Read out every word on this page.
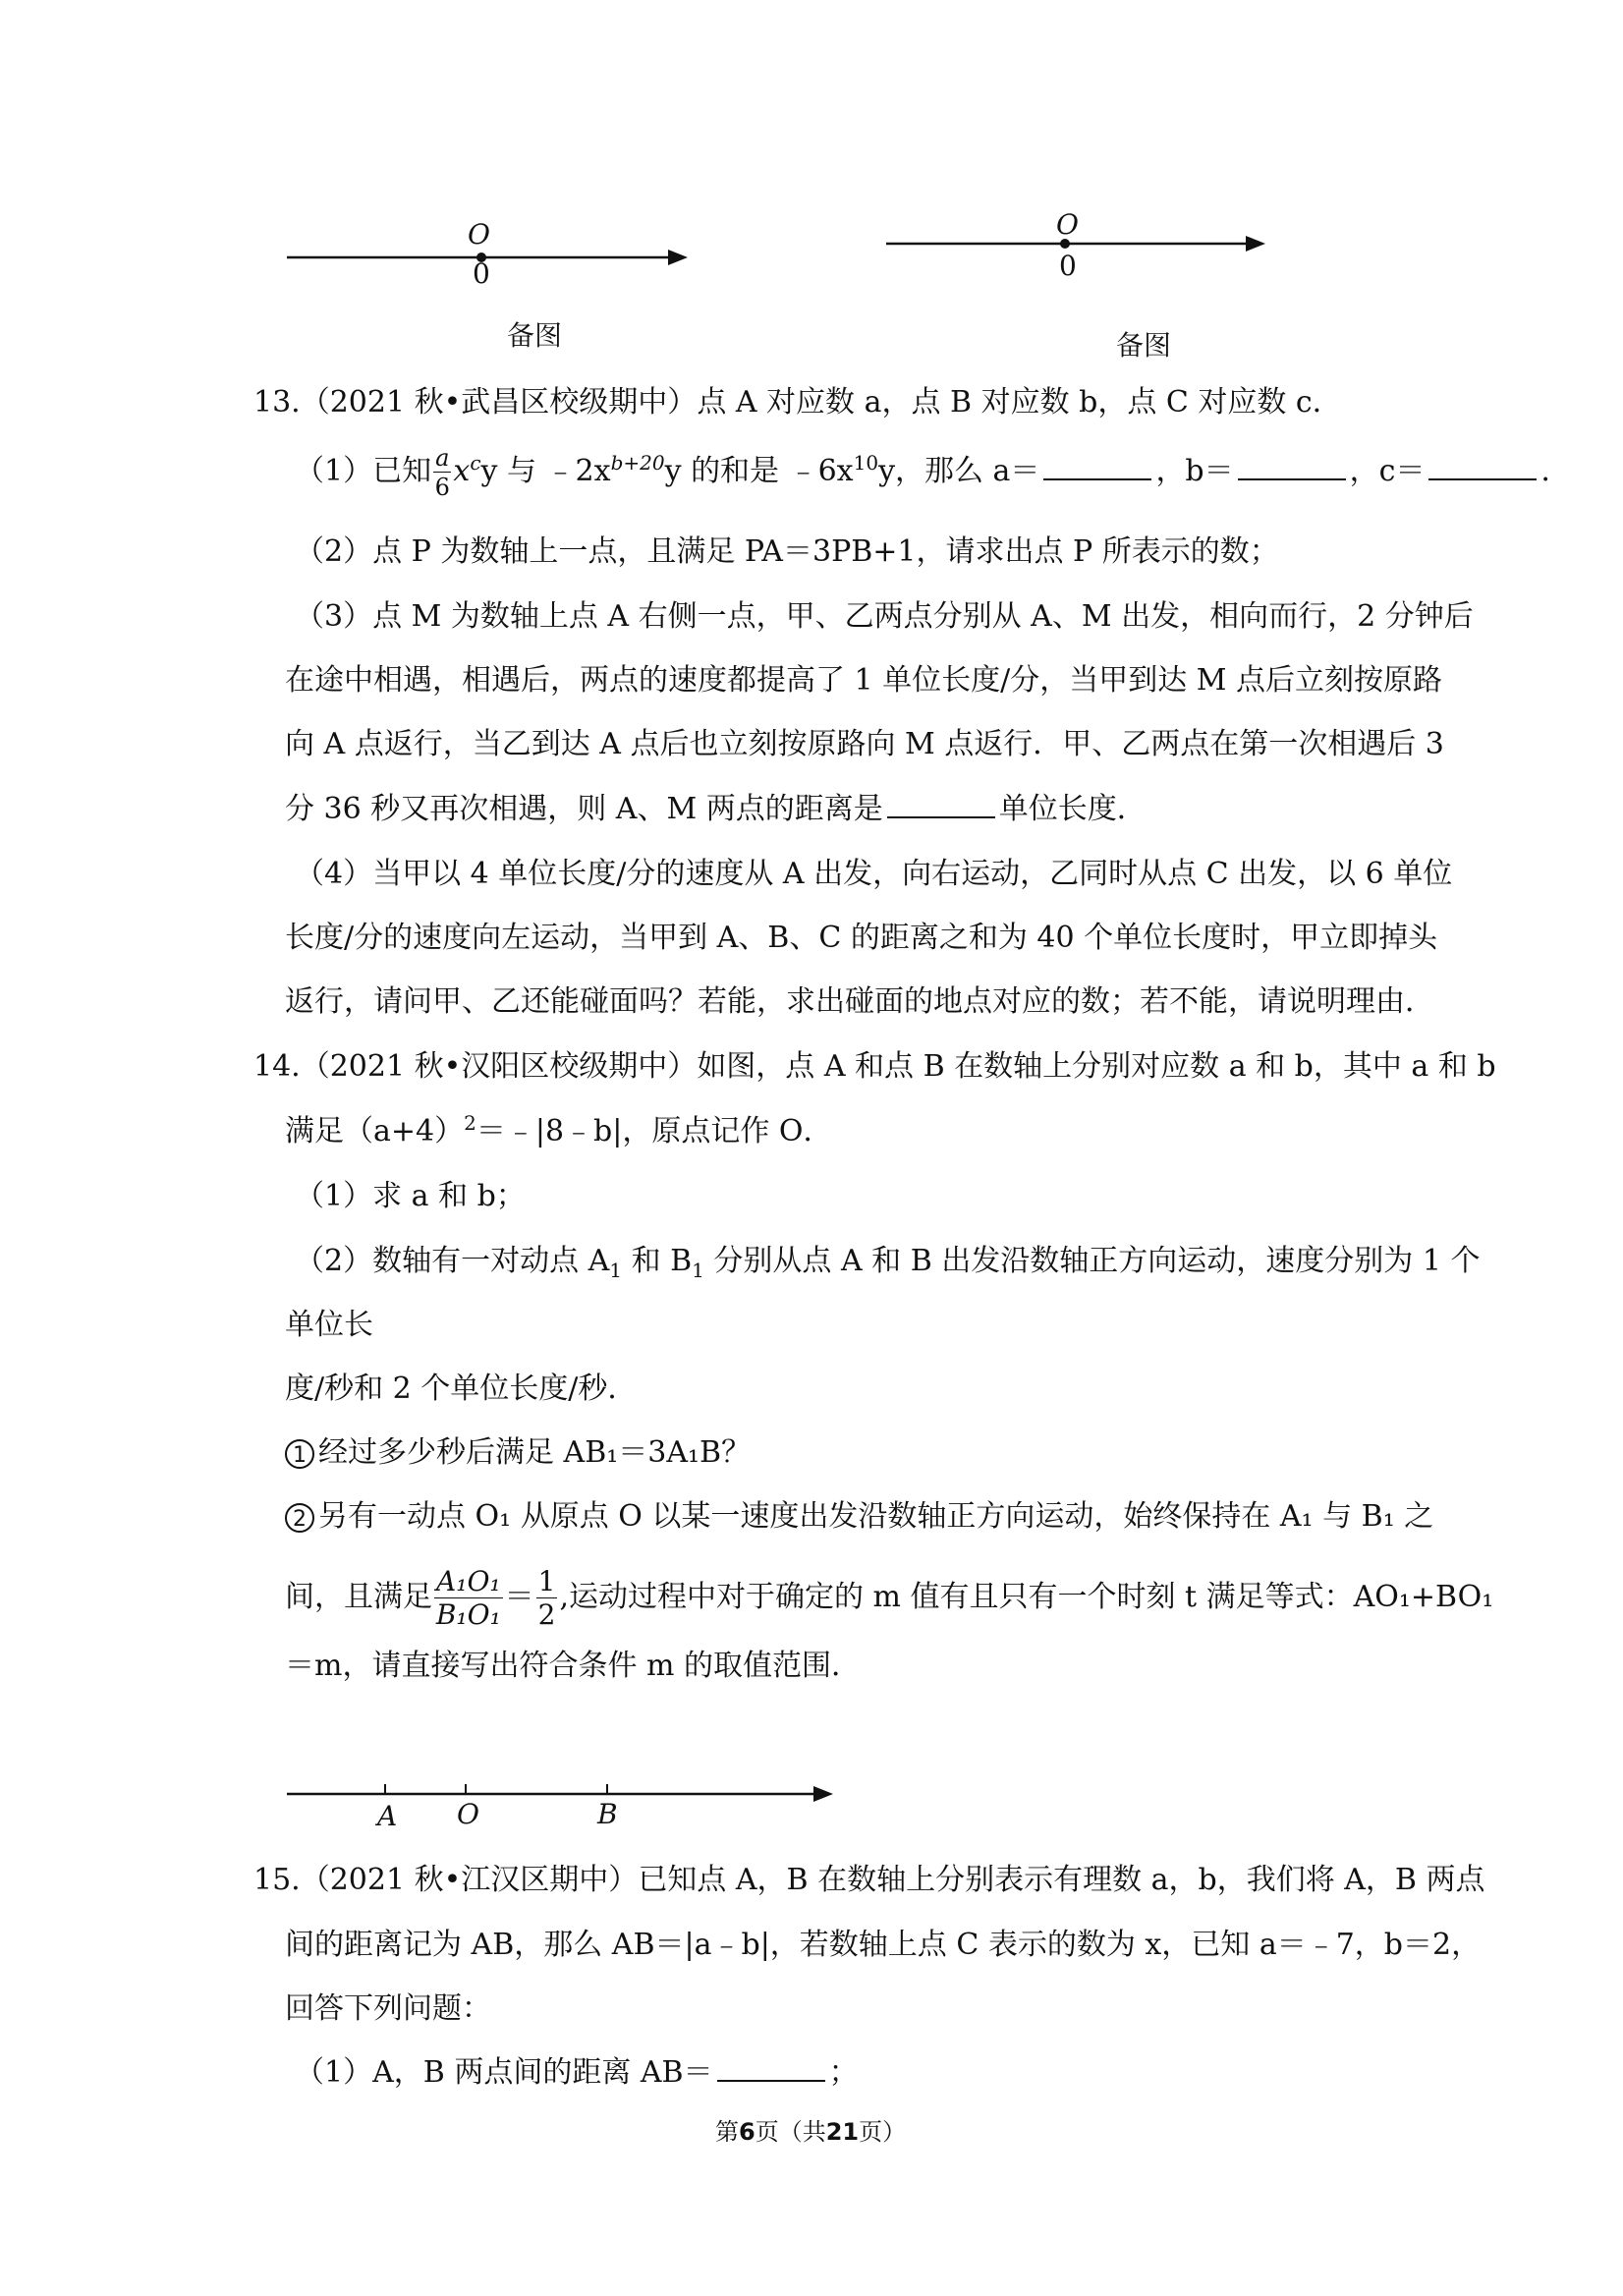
O
0
备图
O
0
备图
13.（2021 秋•武昌区校级期中）点 A 对应数 a，点 B 对应数 b，点 C 对应数 c．
（1）已知 $\frac{a}{6} x^cy$ 与 $﹣2x^{b+20}y$ 的和是 $﹣6x^{10}y$，那么 a＝	，b＝	，c＝	．
（2）点 P 为数轴上一点，且满足 PA＝3PB+1，请求出点 P 所表示的数；
（3）点 M 为数轴上点 A 右侧一点，甲、乙两点分别从 A、M 出发，相向而行，2 分钟后
在途中相遇，相遇后，两点的速度都提高了 1 单位长度/分，当甲到达 M 点后立刻按原路
向 A 点返行，当乙到达 A 点后也立刻按原路向 M 点返行．甲、乙两点在第一次相遇后 3
分 36 秒又再次相遇，则 A、M 两点的距离是	单位长度．
（4）当甲以 4 单位长度/分的速度从 A 出发，向右运动，乙同时从点 C 出发，以 6 单位
长度/分的速度向左运动，当甲到 A、B、C 的距离之和为 40 个单位长度时，甲立即掉头
返行，请问甲、乙还能碰面吗？若能，求出碰面的地点对应的数；若不能，请说明理由．
14.（2021 秋•汉阳区校级期中）如图，点 A 和点 B 在数轴上分别对应数 a 和 b，其中 a 和 b
满足$(a+4)^2=﹣|8﹣b|$，原点记作 O．
（1）求 a 和 b；
（2）数轴有一对动点 $A_1$ 和 $B_1$ 分别从点 A 和 B 出发沿数轴正方向运动，速度分别为 1 个
单位长
度/秒和 2 个单位长度/秒．
1 经过多少秒后满足 AB₁＝3A₁B？
2 另有一动点 O₁ 从原点 O 以某一速度出发沿数轴正方向运动，始终保持在 A₁ 与 B₁ 之
间，且满足 $\frac{\text{A₁O₁}}{\text{B₁O₁}} = \frac{1}{2}$ ,运动过程中对于确定的 m 值有且只有一个时刻 t 满足等式：AO₁+BO₁
＝m，请直接写出符合条件 m 的取值范围．
A O	B
15.（2021 秋•江汉区期中）已知点 A，B 在数轴上分别表示有理数 a，b，我们将 A，B 两点
间的距离记为 AB，那么 AB＝|a﹣b|，若数轴上点 C 表示的数为 x，已知 a＝﹣7，b＝2，
回答下列问题：
（1）A，B 两点间的距离 AB＝	；
第6页（共21页）
